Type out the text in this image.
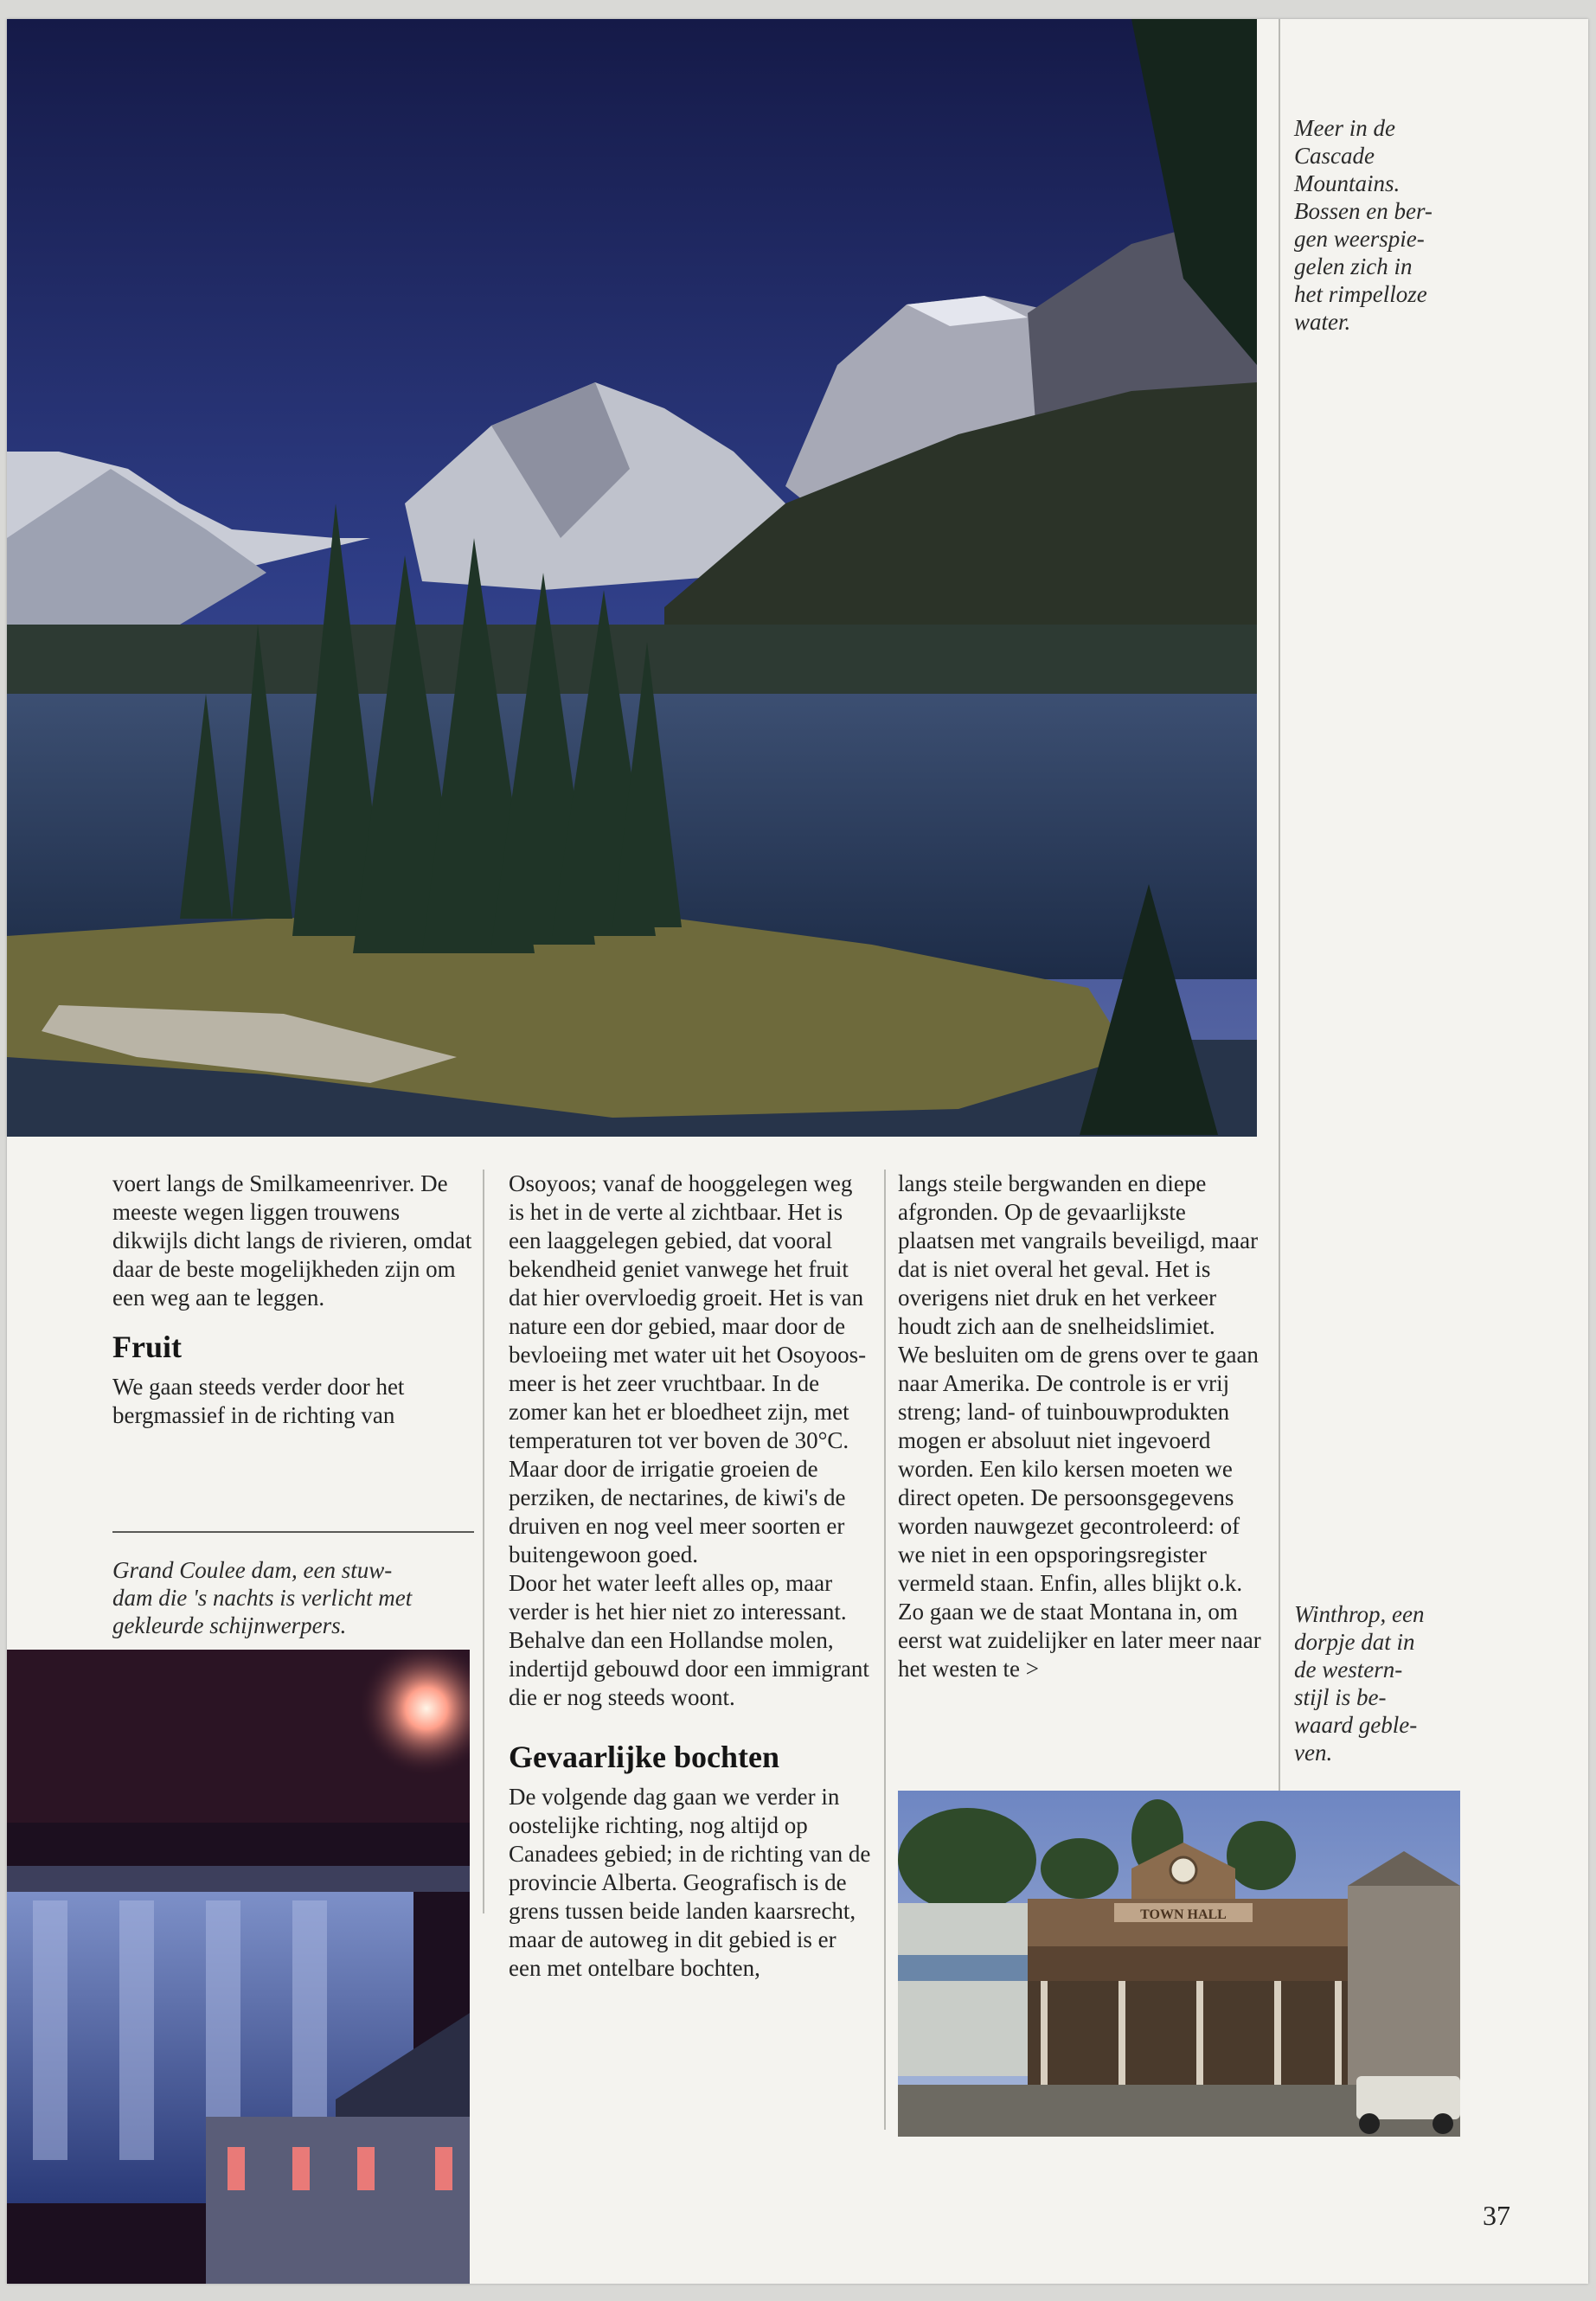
Meer in de
Cascade
Mountains.
Bossen en ber-
gen weerspie-
gelen zich in
het rimpelloze
water.

voert langs de Smilkameenriver. De meeste wegen liggen trouwens dikwijls dicht langs de rivieren, omdat daar de beste mogelijkheden zijn om een weg aan te leggen.

Fruit

We gaan steeds verder door het bergmassief in de richting van

Grand Coulee dam, een stuw-
dam die 's nachts is verlicht met
gekleurde schijnwerpers.

Osoyoos; vanaf de hooggelegen weg is het in de verte al zichtbaar. Het is een laaggelegen gebied, dat vooral bekendheid geniet vanwege het fruit dat hier overvloedig groeit. Het is van nature een dor gebied, maar door de bevloeiing met water uit het Osoyoos-meer is het zeer vruchtbaar. In de zomer kan het er bloedheet zijn, met temperaturen tot ver boven de 30°C. Maar door de irrigatie groeien de perziken, de nectarines, de kiwi's de druiven en nog veel meer soorten er buitengewoon goed.

Door het water leeft alles op, maar verder is het hier niet zo interessant. Behalve dan een Hollandse molen, indertijd gebouwd door een immigrant die er nog steeds woont.

Gevaarlijke bochten

De volgende dag gaan we verder in oostelijke richting, nog altijd op Canadees gebied; in de richting van de provincie Alberta. Geografisch is de grens tussen beide landen kaarsrecht, maar de autoweg in dit gebied is er een met ontelbare bochten,

langs steile bergwanden en diepe afgronden. Op de gevaarlijkste plaatsen met vangrails beveiligd, maar dat is niet overal het geval. Het is overigens niet druk en het verkeer houdt zich aan de snelheidslimiet.

We besluiten om de grens over te gaan naar Amerika. De controle is er vrij streng; land- of tuinbouwprodukten mogen er absoluut niet ingevoerd worden. Een kilo kersen moeten we direct opeten. De persoonsgegevens worden nauwgezet gecontroleerd: of we niet in een opsporingsregister vermeld staan. Enfin, alles blijkt o.k.

Zo gaan we de staat Montana in, om eerst wat zuidelijker en later meer naar het westen te >

Winthrop, een
dorpje dat in
de western-
stijl is be-
waard geble-
ven.
TOWN HALL
37
